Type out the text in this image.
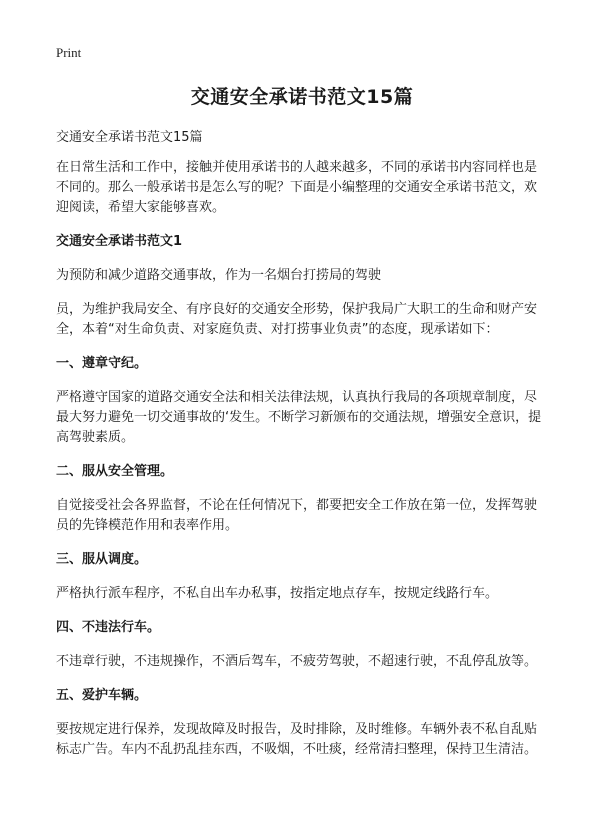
Print
交通安全承诺书范文15篇
交通安全承诺书范文15篇

在日常生活和工作中，接触并使用承诺书的人越来越多，不同的承诺书内容同样也是不同的。那么一般承诺书是怎么写的呢？下面是小编整理的交通安全承诺书范文，欢迎阅读，希望大家能够喜欢。

交通安全承诺书范文1

为预防和减少道路交通事故，作为一名烟台打捞局的驾驶

员，为维护我局安全、有序良好的交通安全形势，保护我局广大职工的生命和财产安全，本着“对生命负责、对家庭负责、对打捞事业负责”的态度，现承诺如下：

一、遵章守纪。

严格遵守国家的道路交通安全法和相关法律法规，认真执行我局的各项规章制度，尽最大努力避免一切交通事故的‘发生。不断学习新颁布的交通法规，增强安全意识，提高驾驶素质。

二、服从安全管理。

自觉接受社会各界监督，不论在任何情况下，都要把安全工作放在第一位，发挥驾驶员的先锋模范作用和表率作用。

三、服从调度。

严格执行派车程序，不私自出车办私事，按指定地点存车，按规定线路行车。

四、不违法行车。

不违章行驶，不违规操作，不酒后驾车，不疲劳驾驶，不超速行驶，不乱停乱放等。

五、爱护车辆。

要按规定进行保养，发现故障及时报告，及时排除，及时维修。车辆外表不私自乱贴标志广告。车内不乱扔乱挂东西，不吸烟，不吐痰，经常清扫整理，保持卫生清洁。
